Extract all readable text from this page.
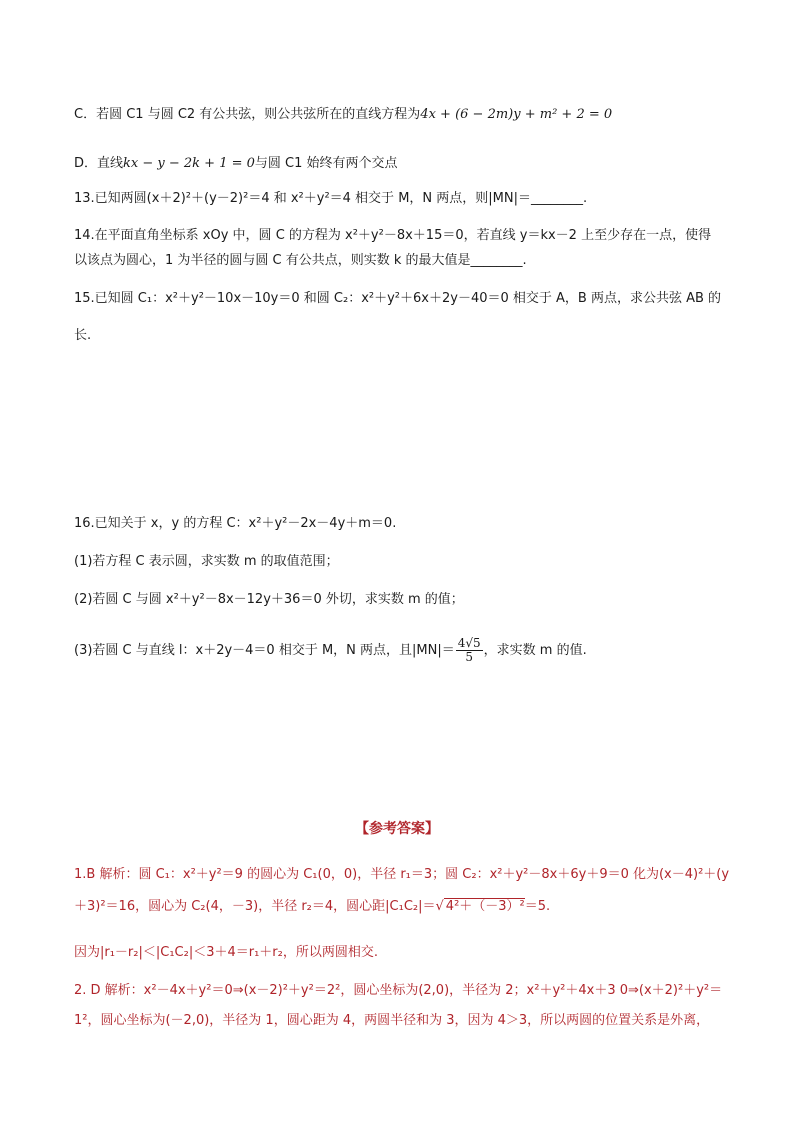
C．若圆 C1 与圆 C2 有公共弦，则公共弦所在的直线方程为4x + (6 − 2m)y + m² + 2 = 0
D．直线kx − y − 2k + 1 = 0与圆 C1 始终有两个交点
13.已知两圆(x＋2)²＋(y－2)²＝4 和 x²＋y²＝4 相交于 M，N 两点，则|MN|＝________.
14.在平面直角坐标系 xOy 中，圆 C 的方程为 x²＋y²－8x＋15＝0，若直线 y＝kx－2 上至少存在一点，使得
以该点为圆心，1 为半径的圆与圆 C 有公共点，则实数 k 的最大值是________.
15.已知圆 C₁：x²＋y²－10x－10y＝0 和圆 C₂：x²＋y²＋6x＋2y－40＝0 相交于 A，B 两点，求公共弦 AB 的
长.
16.已知关于 x，y 的方程 C：x²＋y²－2x－4y＋m＝0.
(1)若方程 C 表示圆，求实数 m 的取值范围；
(2)若圆 C 与圆 x²＋y²－8x－12y＋36＝0 外切，求实数 m 的值；
(3)若圆 C 与直线 l：x＋2y－4＝0 相交于 M，N 两点，且$|MN|= \frac{4√5}{5}$ ，求实数 m 的值.
【参考答案】
1.B 解析：圆 C₁：x²＋y²＝9 的圆心为 C₁(0，0)，半径 r₁＝3；圆 C₂：x²＋y²－8x＋6y＋9＝0 化为(x－4)²＋(y
＋3)²＝16，圆心为 C₂(4，－3)，半径 r₂＝4，圆心距|C₁C₂|＝√ 4²＋（－3）²＝5.
因为|r₁－r₂|＜|C₁C₂|＜3＋4＝r₁＋r₂，所以两圆相交.
2. D 解析：x²－4x＋y²＝0⇒(x－2)²＋y²＝2²，圆心坐标为(2,0)，半径为 2；x²＋y²＋4x＋3 0⇒(x＋2)²＋y²＝
1²，圆心坐标为(－2,0)，半径为 1，圆心距为 4，两圆半径和为 3，因为 4＞3，所以两圆的位置关系是外离，
